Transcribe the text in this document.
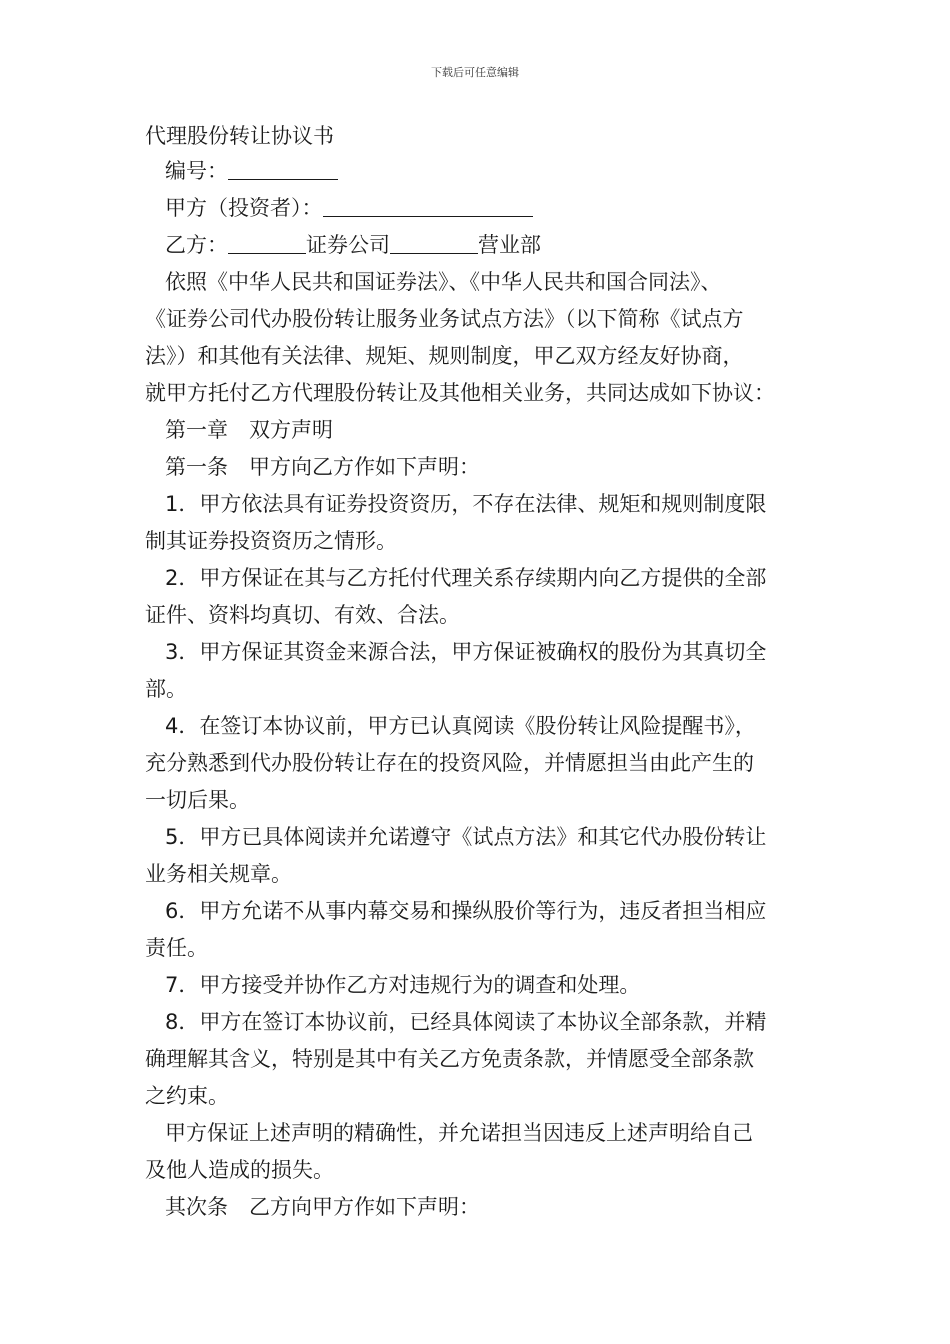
下载后可任意编辑
代理股份转让协议书
编号：
甲方（投资者）：
乙方：	证券公司	营业部
依照《中华人民共和国证券法》、《中华人民共和国合同法》、
《证券公司代办股份转让服务业务试点方法》（以下简称《试点方
法》）和其他有关法律、规矩、规则制度，甲乙双方经友好协商，
就甲方托付乙方代理股份转让及其他相关业务，共同达成如下协议：
第一章　双方声明
第一条　甲方向乙方作如下声明：
1．甲方依法具有证券投资资历，不存在法律、规矩和规则制度限
制其证券投资资历之情形。
2．甲方保证在其与乙方托付代理关系存续期内向乙方提供的全部
证件、资料均真切、有效、合法。
3．甲方保证其资金来源合法，甲方保证被确权的股份为其真切全
部。
4．在签订本协议前，甲方已认真阅读《股份转让风险提醒书》，
充分熟悉到代办股份转让存在的投资风险，并情愿担当由此产生的
一切后果。
5．甲方已具体阅读并允诺遵守《试点方法》和其它代办股份转让
业务相关规章。
6．甲方允诺不从事内幕交易和操纵股价等行为，违反者担当相应
责任。
7．甲方接受并协作乙方对违规行为的调查和处理。
8．甲方在签订本协议前，已经具体阅读了本协议全部条款，并精
确理解其含义，特别是其中有关乙方免责条款，并情愿受全部条款
之约束。
甲方保证上述声明的精确性，并允诺担当因违反上述声明给自己
及他人造成的损失。
其次条　乙方向甲方作如下声明：
